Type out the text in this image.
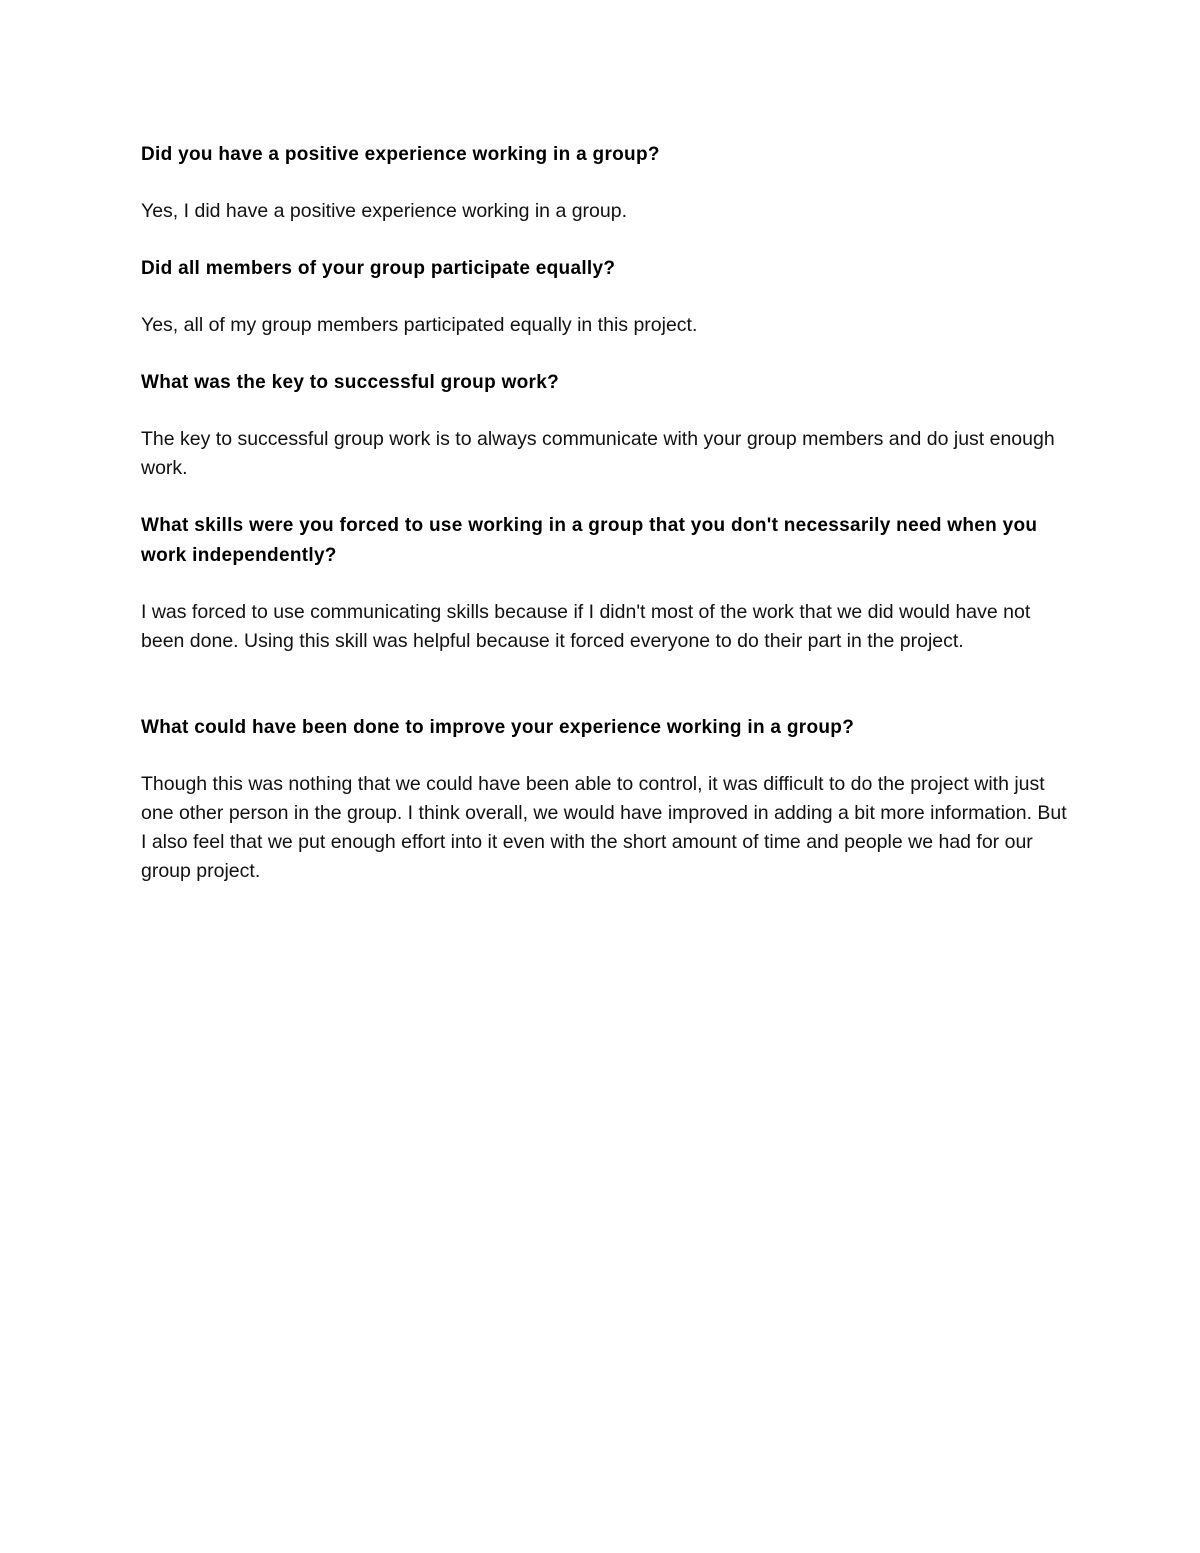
Did you have a positive experience working in a group?

Yes, I did have a positive experience working in a group.

Did all members of your group participate equally?

Yes, all of my group members participated equally in this project.

What was the key to successful group work?

The key to successful group work is to always communicate with your group members and do just enough work.

What skills were you forced to use working in a group that you don't necessarily need when you work independently?

I was forced to use communicating skills because if I didn't most of the work that we did would have not been done. Using this skill was helpful because it forced everyone to do their part in the project.

What could have been done to improve your experience working in a group?

Though this was nothing that we could have been able to control, it was difficult to do the project with just one other person in the group. I think overall, we would have improved in adding a bit more information. But I also feel that we put enough effort into it even with the short amount of time and people we had for our group project.
